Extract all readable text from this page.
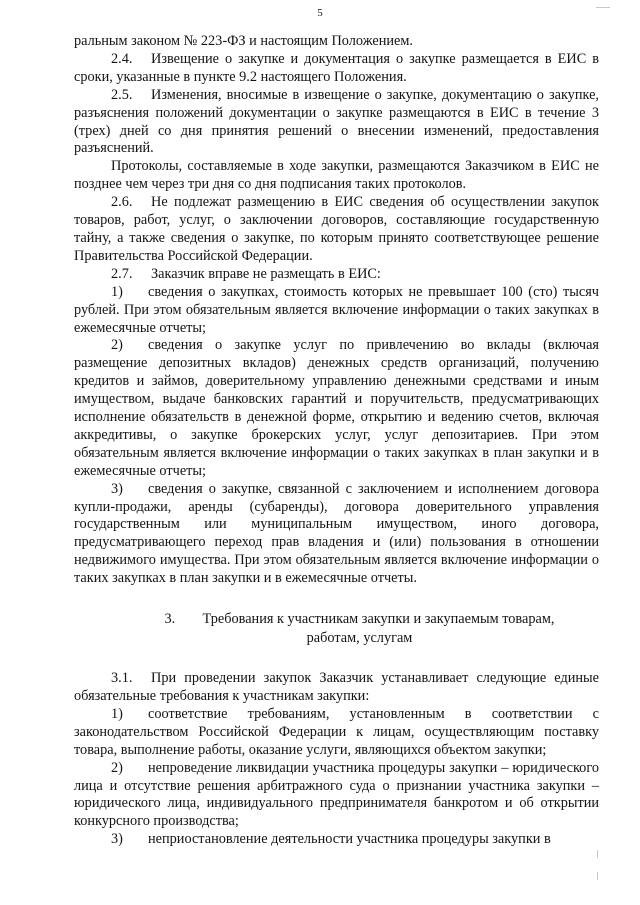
5

ральным законом № 223-ФЗ и настоящим Положением.

2.4. Извещение о закупке и документация о закупке размещается в ЕИС в сроки, указанные в пункте 9.2 настоящего Положения.

2.5. Изменения, вносимые в извещение о закупке, документацию о закупке, разъяснения положений документации о закупке размещаются в ЕИС в течение 3 (трех) дней со дня принятия решений о внесении изменений, предоставления разъяснений.

Протоколы, составляемые в ходе закупки, размещаются Заказчиком в ЕИС не позднее чем через три дня со дня подписания таких протоколов.

2.6. Не подлежат размещению в ЕИС сведения об осуществлении закупок товаров, работ, услуг, о заключении договоров, составляющие государственную тайну, а также сведения о закупке, по которым принято соответствующее решение Правительства Российской Федерации.

2.7. Заказчик вправе не размещать в ЕИС:

1) сведения о закупках, стоимость которых не превышает 100 (сто) тысяч рублей. При этом обязательным является включение информации о таких закупках в ежемесячные отчеты;

2) сведения о закупке услуг по привлечению во вклады (включая размещение депозитных вкладов) денежных средств организаций, получению кредитов и займов, доверительному управлению денежными средствами и иным имуществом, выдаче банковских гарантий и поручительств, предусматривающих исполнение обязательств в денежной форме, открытию и ведению счетов, включая аккредитивы, о закупке брокерских услуг, услуг депозитариев. При этом обязательным является включение информации о таких закупках в план закупки и в ежемесячные отчеты;

3) сведения о закупке, связанной с заключением и исполнением договора купли-продажи, аренды (субаренды), договора доверительного управления государственным или муниципальным имуществом, иного договора, предусматривающего переход прав владения и (или) пользования в отношении недвижимого имущества. При этом обязательным является включение информации о таких закупках в план закупки и в ежемесячные отчеты.

3. Требования к участникам закупки и закупаемым товарам, работам, услугам

3.1. При проведении закупок Заказчик устанавливает следующие единые обязательные требования к участникам закупки:

1) соответствие требованиям, установленным в соответствии с законодательством Российской Федерации к лицам, осуществляющим поставку товара, выполнение работы, оказание услуги, являющихся объектом закупки;

2) непроведение ликвидации участника процедуры закупки – юридического лица и отсутствие решения арбитражного суда о признании участника закупки – юридического лица, индивидуального предпринимателя банкротом и об открытии конкурсного производства;

3) неприостановление деятельности участника процедуры закупки в
